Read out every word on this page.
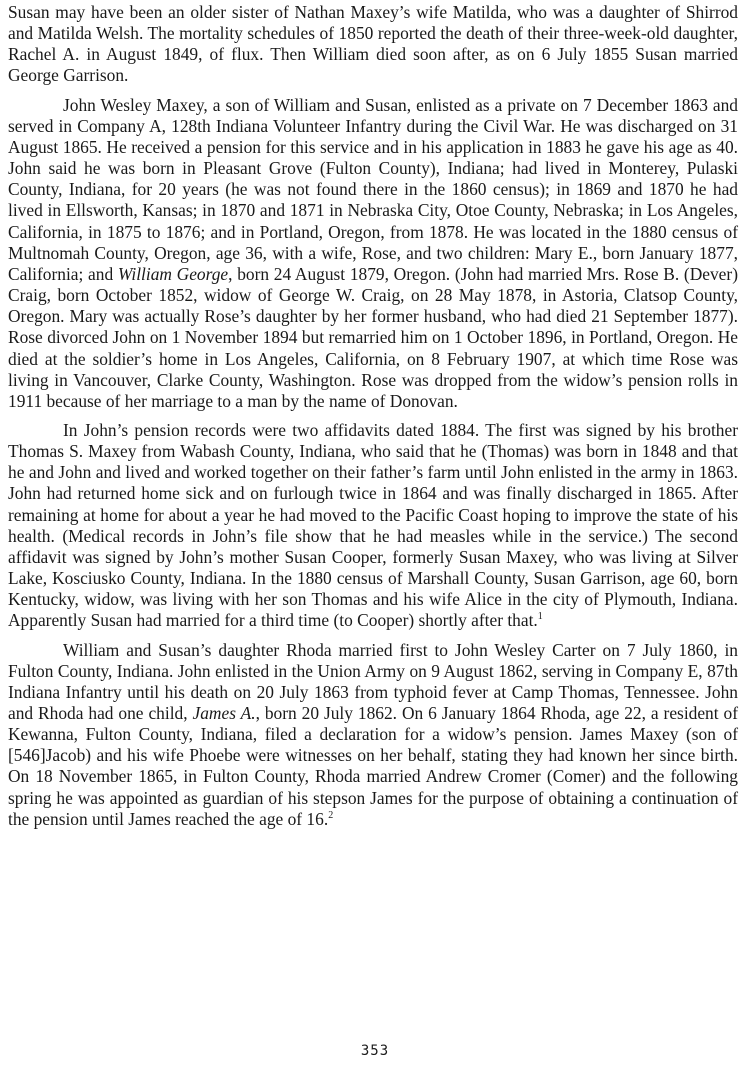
Susan may have been an older sister of Nathan Maxey’s wife Matilda, who was a daughter of Shirrod and Matilda Welsh. The mortality schedules of 1850 reported the death of their three-week-old daughter, Rachel A. in August 1849, of flux. Then William died soon after, as on 6 July 1855 Susan married George Garrison.

John Wesley Maxey, a son of William and Susan, enlisted as a private on 7 December 1863 and served in Company A, 128th Indiana Volunteer Infantry during the Civil War. He was discharged on 31 August 1865. He received a pension for this service and in his application in 1883 he gave his age as 40. John said he was born in Pleasant Grove (Fulton County), Indiana; had lived in Monterey, Pulaski County, Indiana, for 20 years (he was not found there in the 1860 census); in 1869 and 1870 he had lived in Ellsworth, Kansas; in 1870 and 1871 in Nebraska City, Otoe County, Nebraska; in Los Angeles, California, in 1875 to 1876; and in Portland, Oregon, from 1878. He was located in the 1880 census of Multnomah County, Oregon, age 36, with a wife, Rose, and two children: Mary E., born January 1877, California; and William George, born 24 August 1879, Oregon. (John had married Mrs. Rose B. (Dever) Craig, born October 1852, widow of George W. Craig, on 28 May 1878, in Astoria, Clatsop County, Oregon. Mary was actually Rose’s daughter by her former husband, who had died 21 September 1877). Rose divorced John on 1 November 1894 but remarried him on 1 October 1896, in Portland, Oregon. He died at the soldier’s home in Los Angeles, California, on 8 February 1907, at which time Rose was living in Vancouver, Clarke County, Washington. Rose was dropped from the widow’s pension rolls in 1911 because of her marriage to a man by the name of Donovan.

In John’s pension records were two affidavits dated 1884. The first was signed by his brother Thomas S. Maxey from Wabash County, Indiana, who said that he (Thomas) was born in 1848 and that he and John and lived and worked together on their father’s farm until John enlisted in the army in 1863. John had returned home sick and on furlough twice in 1864 and was finally discharged in 1865. After remaining at home for about a year he had moved to the Pacific Coast hoping to improve the state of his health. (Medical records in John’s file show that he had measles while in the service.) The second affidavit was signed by John’s mother Susan Cooper, formerly Susan Maxey, who was living at Silver Lake, Kosciusko County, Indiana. In the 1880 census of Marshall County, Susan Garrison, age 60, born Kentucky, widow, was living with her son Thomas and his wife Alice in the city of Plymouth, Indiana. Apparently Susan had married for a third time (to Cooper) shortly after that.$^1$

William and Susan’s daughter Rhoda married first to John Wesley Carter on 7 July 1860, in Fulton County, Indiana. John enlisted in the Union Army on 9 August 1862, serving in Company E, 87th Indiana Infantry until his death on 20 July 1863 from typhoid fever at Camp Thomas, Tennessee. John and Rhoda had one child, James A., born 20 July 1862. On 6 January 1864 Rhoda, age 22, a resident of Kewanna, Fulton County, Indiana, filed a declaration for a widow’s pension. James Maxey (son of [546]Jacob) and his wife Phoebe were witnesses on her behalf, stating they had known her since birth. On 18 November 1865, in Fulton County, Rhoda married Andrew Cromer (Comer) and the following spring he was appointed as guardian of his stepson James for the purpose of obtaining a continuation of the pension until James reached the age of 16.$^2$

353
